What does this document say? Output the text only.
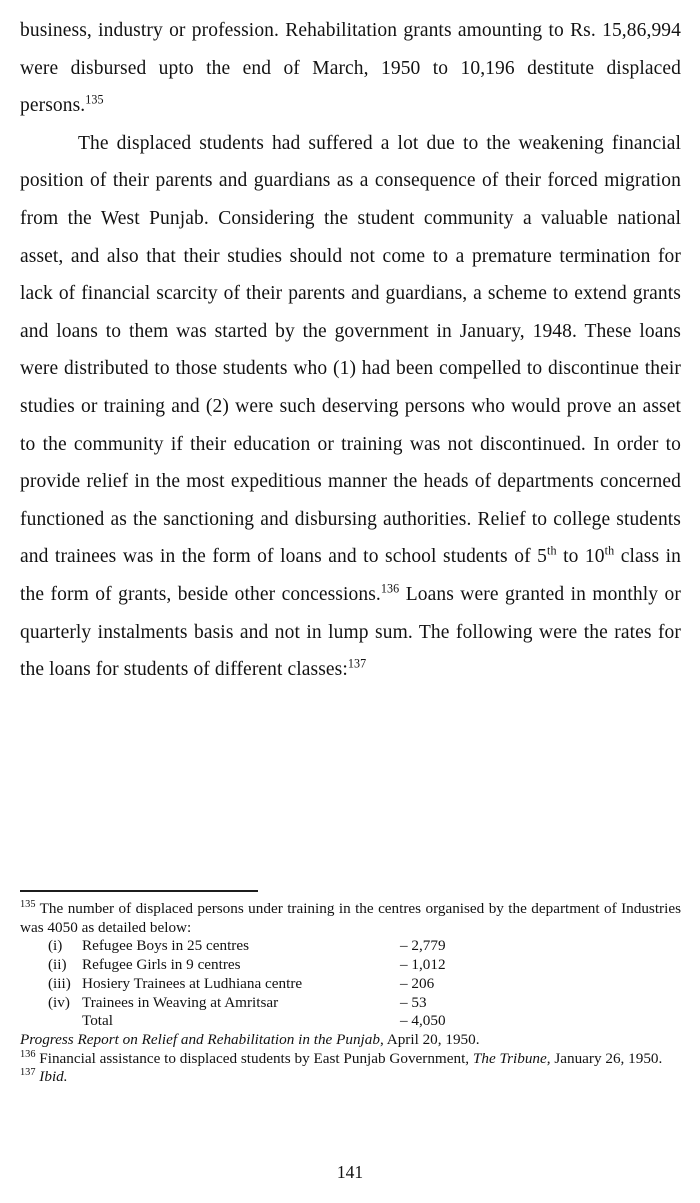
business, industry or profession. Rehabilitation grants amounting to Rs. 15,86,994 were disbursed upto the end of March, 1950 to 10,196 destitute displaced persons.$^{135}$

The displaced students had suffered a lot due to the weakening financial position of their parents and guardians as a consequence of their forced migration from the West Punjab. Considering the student community a valuable national asset, and also that their studies should not come to a premature termination for lack of financial scarcity of their parents and guardians, a scheme to extend grants and loans to them was started by the government in January, 1948. These loans were distributed to those students who (1) had been compelled to discontinue their studies or training and (2) were such deserving persons who would prove an asset to the community if their education or training was not discontinued. In order to provide relief in the most expeditious manner the heads of departments concerned functioned as the sanctioning and disbursing authorities. Relief to college students and trainees was in the form of loans and to school students of 5th to 10th class in the form of grants, beside other concessions.$^{136}$ Loans were granted in monthly or quarterly instalments basis and not in lump sum. The following were the rates for the loans for students of different classes:$^{137}$

$^{135}$ The number of displaced persons under training in the centres organised by the department of Industries was 4050 as detailed below:

(i)	Refugee Boys in 25 centres	– 2,779
(ii)	Refugee Girls in 9 centres	– 1,012
(iii) Hosiery Trainees at Ludhiana centre	– 206
(iv) Trainees in Weaving at Amritsar	– 53
Total	– 4,050

Progress Report on Relief and Rehabilitation in the Punjab, April 20, 1950.

$^{136}$ Financial assistance to displaced students by East Punjab Government, The Tribune, January 26, 1950.

$^{137}$ Ibid.

141
